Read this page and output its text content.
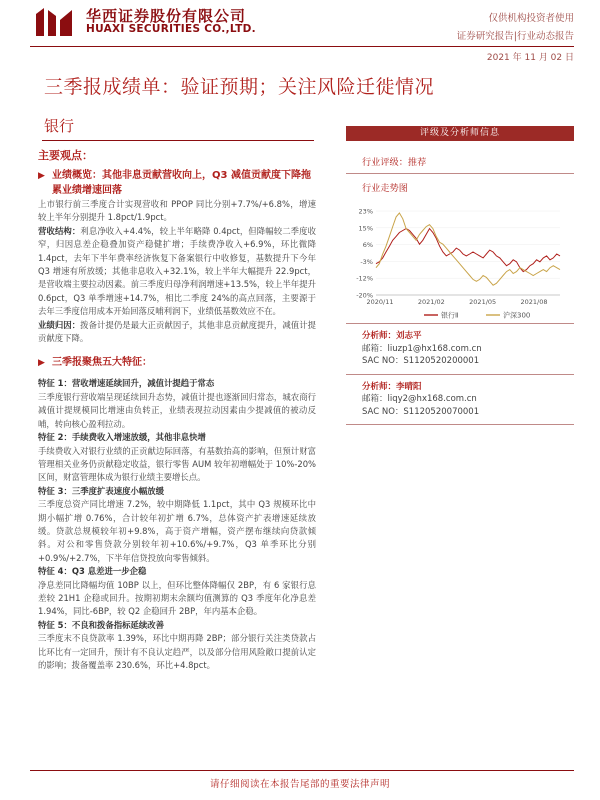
华西证券股份有限公司
HUAXI SECURITIES CO.,LTD.
仅供机构投资者使用
证券研究报告|行业动态报告
2021 年 11 月 02 日
三季报成绩单：验证预期；关注风险迁徙情况
银行
主要观点：
▶ 业绩概览：其他非息贡献营收向上，Q3 减值贡献度下降拖累业绩增速回落
上市银行前三季度合计实现营收和 PPOP 同比分别+7.7%/+6.8%，增速较上半年分别提升 1.8pct/1.9pct。
营收结构：利息净收入+4.4%，较上半年略降 0.4pct，但降幅较二季度收窄，归因息差企稳叠加资产稳健扩增；手续费净收入+6.9%，环比微降 1.4pct，去年下半年费率经济恢复下备案银行中收修复，基数提升下今年 Q3 增速有所放缓；其他非息收入+32.1%，较上半年大幅提升 22.9pct，是营收端主要拉动因素。前三季度归母净利润增速+13.5%，较上半年提升 0.6pct，Q3 单季增速+14.7%，相比二季度 24%的高点回落，主要源于去年三季度信用成本开始回落反哺利润下，业绩低基数效应不在。
业绩归因：拨备计提仍是最大正贡献因子，其他非息贡献度提升，减值计提贡献度下降。
▶ 三季报聚焦五大特征：
特征 1：营收增速延续回升，减值计提趋于常态
三季度银行营收端呈现延续回升态势，减值计提也逐渐回归常态，城农商行减值计提规模同比增速由负转正，业绩表现拉动因素由少提减值的被动反哺，转向核心盈利拉动。
特征 2：手续费收入增速放缓，其他非息快增
手续费收入对银行业绩的正贡献边际回落，有基数抬高的影响，但预计财富管理相关业务仍贡献稳定收益，银行零售 AUM 较年初增幅处于 10%-20%区间，财富管理体成为银行业绩主要增长点。
特征 3：三季度扩表速度小幅放缓
三季度总资产同比增速 7.2%，较中期降低 1.1pct，其中 Q3 规模环比中期小幅扩增 0.76%，合计较年初扩增 6.7%，总体资产扩表增速延续放缓。贷款总规模较年初+9.8%，高于资产增幅，资产摆布继续向贷款倾斜。对公和零售贷款分别较年初+10.6%/+9.7%，Q3 单季环比分别+0.9%/+2.7%，下半年信贷投放向零售倾斜。
特征 4：Q3 息差进一步企稳
净息差同比降幅均值 10BP 以上，但环比整体降幅仅 2BP，有 6 家银行息差较 21H1 企稳或回升。按期初期末余额均值测算的 Q3 季度年化净息差 1.94%，同比-6BP，较 Q2 企稳回升 2BP，年内基本企稳。
特征 5：不良和拨备指标延续改善
三季度末不良贷款率 1.39%，环比中期再降 2BP；部分银行关注类贷款占比环比有一定回升，预计有不良认定趋严，以及部分信用风险敞口提前认定的影响；拨备覆盖率 230.6%，环比+4.8pct。
评级及分析师信息
行业评级：推荐
行业走势图
23%
15%
6%
-3%
-12%
-20%
2020/11	2021/02	2021/05	2021/08
银行Ⅱ	沪深300
分析师：刘志平
邮箱：liuzp1@hx168.com.cn
SAC NO：S1120520200001
分析师：李晴阳
邮箱：liqy2@hx168.com.cn
SAC NO：S1120520070001
请仔细阅读在本报告尾部的重要法律声明
